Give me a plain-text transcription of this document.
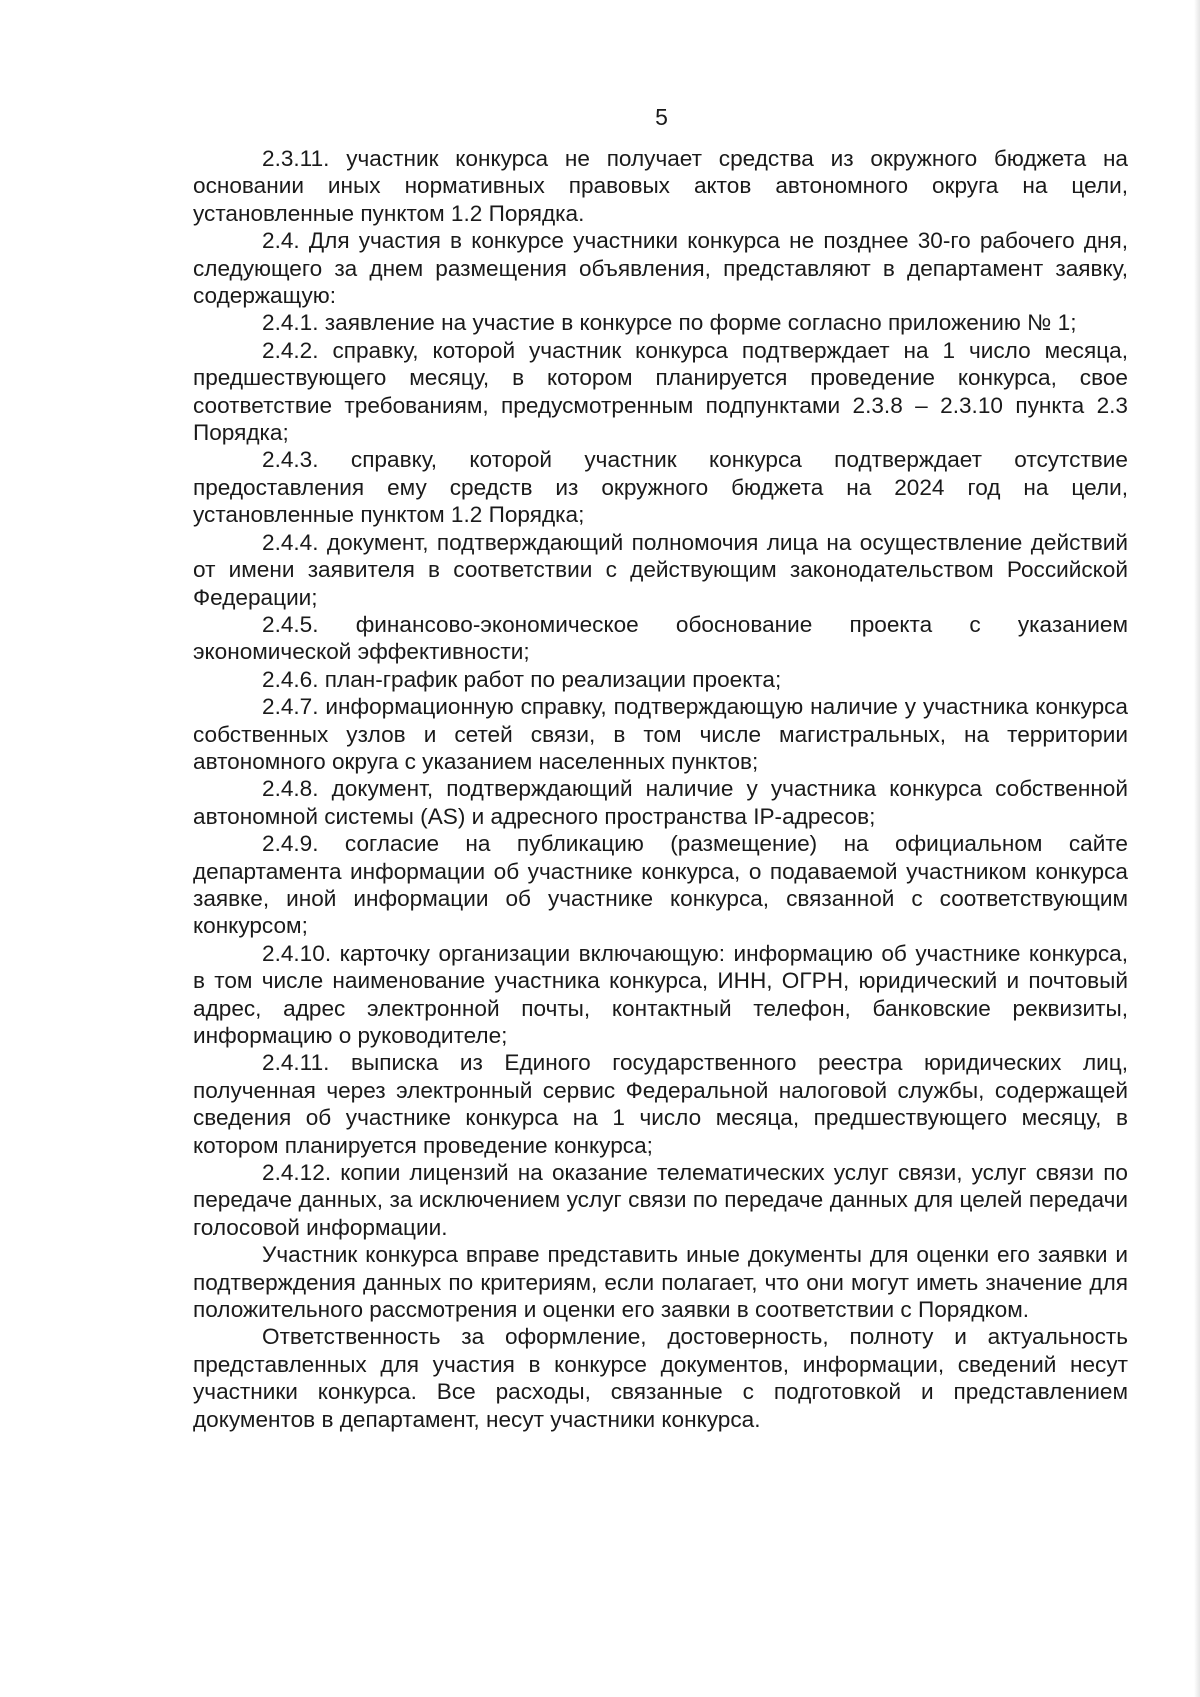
5

2.3.11. участник конкурса не получает средства из окружного бюджета на основании иных нормативных правовых актов автономного округа на цели, установленные пунктом 1.2 Порядка.

2.4. Для участия в конкурсе участники конкурса не позднее 30-го рабочего дня, следующего за днем размещения объявления, представляют в департамент заявку, содержащую:

2.4.1. заявление на участие в конкурсе по форме согласно приложению № 1;

2.4.2. справку, которой участник конкурса подтверждает на 1 число месяца, предшествующего месяцу, в котором планируется проведение конкурса, свое соответствие требованиям, предусмотренным подпунктами 2.3.8 – 2.3.10 пункта 2.3 Порядка;

2.4.3. справку, которой участник конкурса подтверждает отсутствие предоставления ему средств из окружного бюджета на 2024 год на цели, установленные пунктом 1.2 Порядка;

2.4.4. документ, подтверждающий полномочия лица на осуществление действий от имени заявителя в соответствии с действующим законодательством Российской Федерации;

2.4.5. финансово-экономическое обоснование проекта с указанием экономической эффективности;

2.4.6. план-график работ по реализации проекта;

2.4.7. информационную справку, подтверждающую наличие у участника конкурса собственных узлов и сетей связи, в том числе магистральных, на территории автономного округа с указанием населенных пунктов;

2.4.8. документ, подтверждающий наличие у участника конкурса собственной автономной системы (AS) и адресного пространства IP-адресов;

2.4.9. согласие на публикацию (размещение) на официальном сайте департамента информации об участнике конкурса, о подаваемой участником конкурса заявке, иной информации об участнике конкурса, связанной с соответствующим конкурсом;

2.4.10. карточку организации включающую: информацию об участнике конкурса, в том числе наименование участника конкурса, ИНН, ОГРН, юридический и почтовый адрес, адрес электронной почты, контактный телефон, банковские реквизиты, информацию о руководителе;

2.4.11. выписка из Единого государственного реестра юридических лиц, полученная через электронный сервис Федеральной налоговой службы, содержащей сведения об участнике конкурса на 1 число месяца, предшествующего месяцу, в котором планируется проведение конкурса;

2.4.12. копии лицензий на оказание телематических услуг связи, услуг связи по передаче данных, за исключением услуг связи по передаче данных для целей передачи голосовой информации.

Участник конкурса вправе представить иные документы для оценки его заявки и подтверждения данных по критериям, если полагает, что они могут иметь значение для положительного рассмотрения и оценки его заявки в соответствии с Порядком.

Ответственность за оформление, достоверность, полноту и актуальность представленных для участия в конкурсе документов, информации, сведений несут участники конкурса. Все расходы, связанные с подготовкой и представлением документов в департамент, несут участники конкурса.
